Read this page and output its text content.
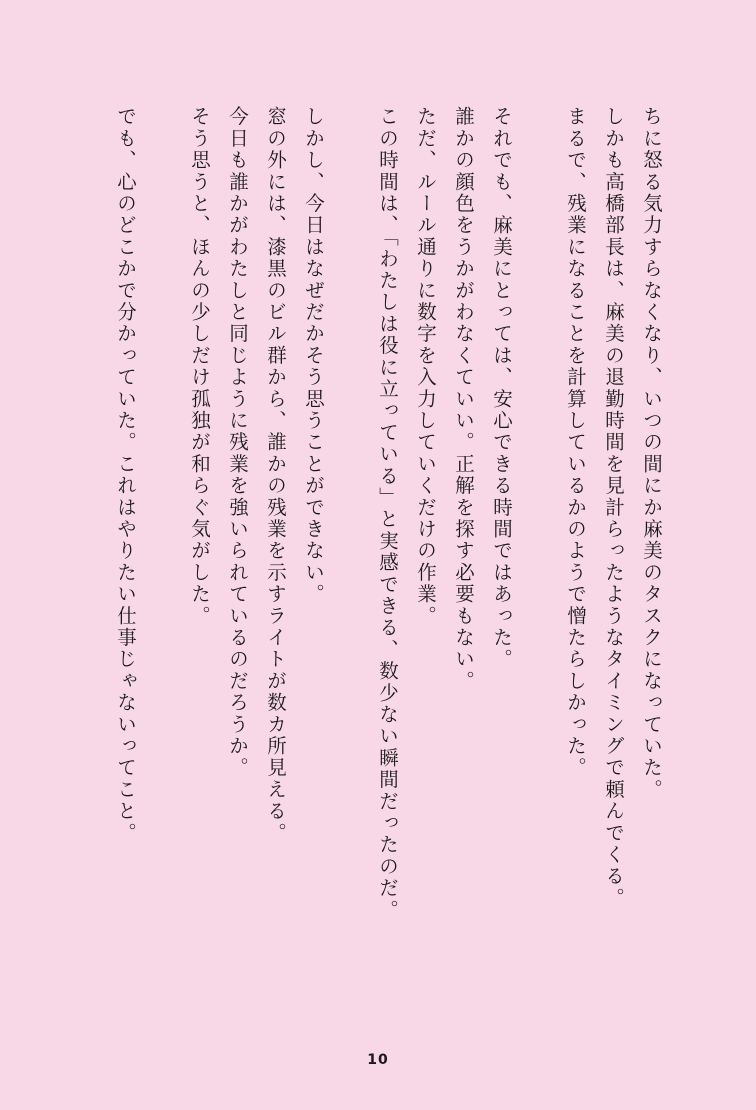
ちに怒る気力すらなくなり、いつの間にか麻美のタスクになっていた。
しかも高橋部長は、麻美の退勤時間を見計らったようなタイミングで頼んでくる。
まるで、残業になることを計算しているかのようで憎たらしかった。
それでも、麻美にとっては、安心できる時間ではあった。
誰かの顔色をうかがわなくていい。正解を探す必要もない。
ただ、ルール通りに数字を入力していくだけの作業。
この時間は、「わたしは役に立っている」と実感できる、数少ない瞬間だったのだ。
しかし、今日はなぜだかそう思うことができない。
窓の外には、漆黒のビル群から、誰かの残業を示すライトが数カ所見える。
今日も誰かがわたしと同じように残業を強いられているのだろうか。
そう思うと、ほんの少しだけ孤独が和らぐ気がした。
でも、心のどこかで分かっていた。これはやりたい仕事じゃないってこと。
10
